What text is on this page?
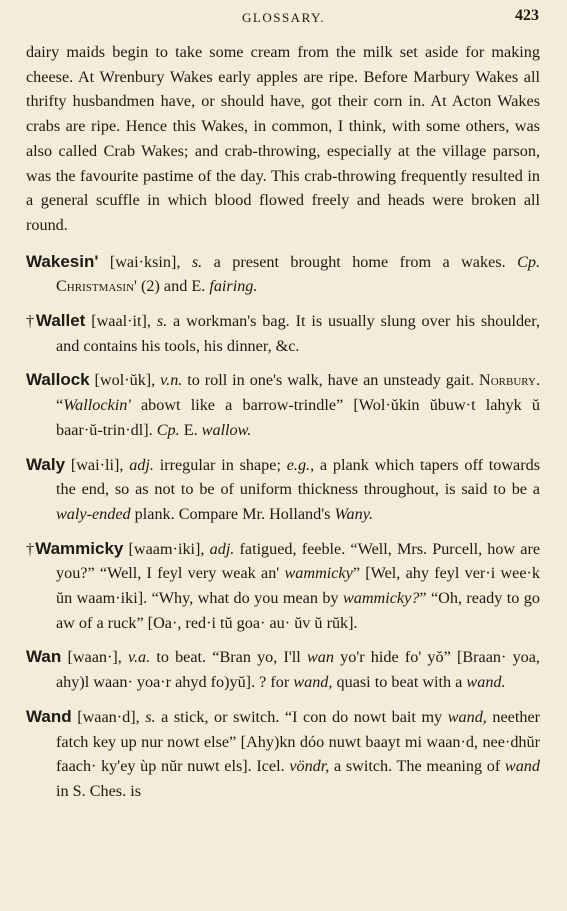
GLOSSARY.	423

dairy maids begin to take some cream from the milk set aside for making cheese. At Wrenbury Wakes early apples are ripe. Before Marbury Wakes all thrifty husbandmen have, or should have, got their corn in. At Acton Wakes crabs are ripe. Hence this Wakes, in common, I think, with some others, was also called Crab Wakes; and crab-throwing, especially at the village parson, was the favourite pastime of the day. This crab-throwing frequently resulted in a general scuffle in which blood flowed freely and heads were broken all round.

Wakesin' [wai·ksin], s. a present brought home from a wakes. Cp. Christmasin' (2) and E. fairing.

†Wallet [waal·it], s. a workman's bag. It is usually slung over his shoulder, and contains his tools, his dinner, &c.

Wallock [wol·ŭk], v.n. to roll in one's walk, have an unsteady gait. Norbury. “Wallockin' abowt like a barrow-trindle” [Wol·ŭkin ŭbuw·t lahyk ŭ baar·ŭ-trin·dl]. Cp. E. wallow.

Waly [wai·li], adj. irregular in shape; e.g., a plank which tapers off towards the end, so as not to be of uniform thickness throughout, is said to be a waly-ended plank. Compare Mr. Holland's Wany.

†Wammicky [waam·iki], adj. fatigued, feeble. “Well, Mrs. Purcell, how are you?” “Well, I feyl very weak an' wammicky” [Wel, ahy feyl ver·i wee·k ŭn waam·iki]. “Why, what do you mean by wammicky?” “Oh, ready to go aw of a ruck” [Oa·, red·i tŭ goa· au· ŭv ŭ rŭk].

Wan [waan·], v.a. to beat. “Bran yo, I'll wan yo'r hide fo' yŏ” [Braan· yoa, ahy)l waan· yoa·r ahyd fo)yŭ]. ? for wand, quasi to beat with a wand.

Wand [waan·d], s. a stick, or switch. “I con do nowt bait my wand, neether fatch key up nur nowt else” [Ahy)kn dóo nuwt baayt mi waan·d, nee·dhŭr faach· ky'ey ùp nŭr nuwt els]. Icel. vöndr, a switch. The meaning of wand in S. Ches. is
